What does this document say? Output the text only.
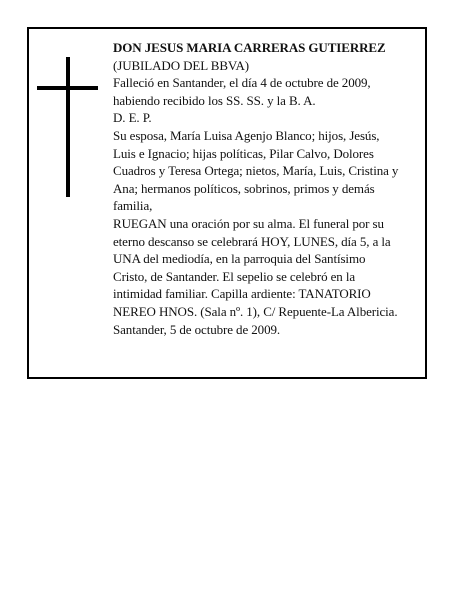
DON JESUS MARIA CARRERAS GUTIERREZ
(JUBILADO DEL BBVA)
Falleció en Santander, el día 4 de octubre de 2009,
habiendo recibido los SS. SS. y la B. A.
D. E. P.
Su esposa, María Luisa Agenjo Blanco; hijos, Jesús,
Luis e Ignacio; hijas políticas, Pilar Calvo, Dolores
Cuadros y Teresa Ortega; nietos, María, Luis, Cristina y
Ana; hermanos políticos, sobrinos, primos y demás
familia,
RUEGAN una oración por su alma. El funeral por su
eterno descanso se celebrará HOY, LUNES, día 5, a la
UNA del mediodía, en la parroquia del Santísimo
Cristo, de Santander. El sepelio se celebró en la
intimidad familiar. Capilla ardiente: TANATORIO
NEREO HNOS. (Sala nº. 1), C/ Repuente-La Albericia.
Santander, 5 de octubre de 2009.
